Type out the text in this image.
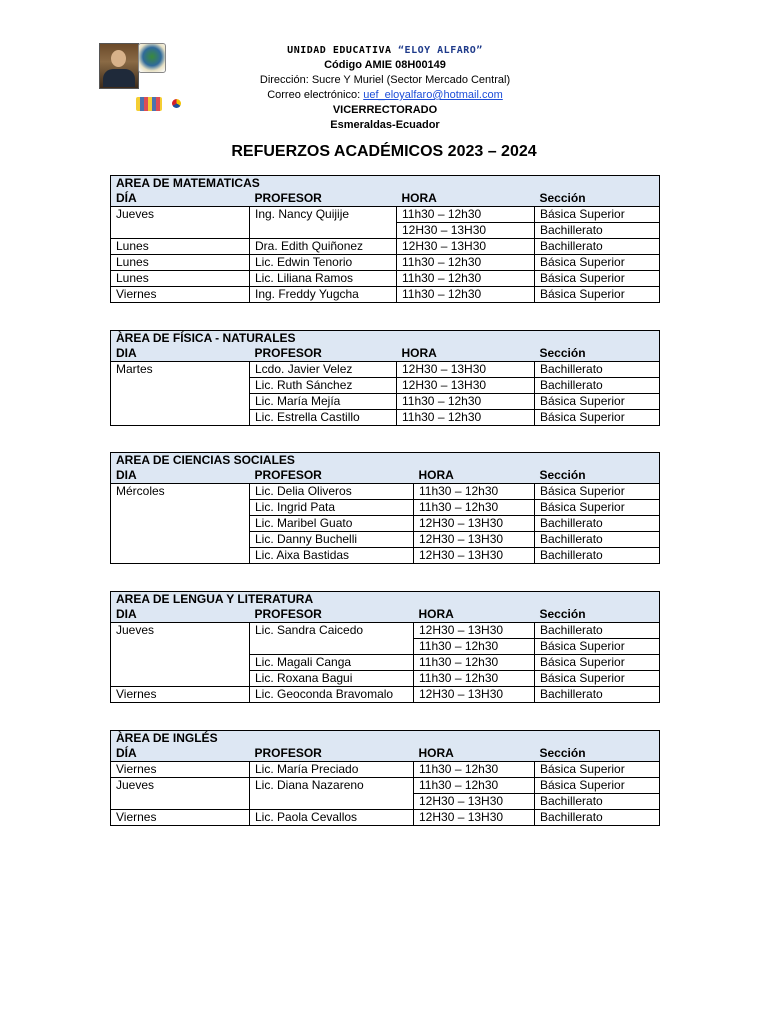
UNIDAD EDUCATIVA “ELOY ALFARO”
Código AMIE 08H00149
Dirección: Sucre Y Muriel (Sector Mercado Central)
Correo electrónico: uef_eloyalfaro@hotmail.com
VICERRECTORADO
Esmeraldas-Ecuador
REFUERZOS ACADÉMICOS 2023 – 2024
AREA DE MATEMATICAS			
DÍA	PROFESOR	HORA	Sección
Jueves	Ing. Nancy Quijije	11h30 – 12h30	Básica Superior
		12H30 – 13H30	Bachillerato
Lunes	Dra. Edith Quiñonez	12H30 – 13H30	Bachillerato
Lunes	Lic. Edwin Tenorio	11h30 – 12h30	Básica Superior
Lunes	Lic. Liliana Ramos	11h30 – 12h30	Básica Superior
Viernes	Ing. Freddy Yugcha	11h30 – 12h30	Básica Superior
ÀREA DE FÍSICA - NATURALES			
DIA	PROFESOR	HORA	Sección
Martes	Lcdo. Javier Velez	12H30 – 13H30	Bachillerato
	Lic. Ruth Sánchez	12H30 – 13H30	Bachillerato
	Lic. María Mejía	11h30 – 12h30	Básica Superior
	Lic. Estrella Castillo	11h30 – 12h30	Básica Superior
AREA DE CIENCIAS SOCIALES			
DIA	PROFESOR	HORA	Sección
Mércoles	Lic. Delia Oliveros	11h30 – 12h30	Básica Superior
	Lic. Ingrid Pata	11h30 – 12h30	Básica Superior
	Lic. Maribel Guato	12H30 – 13H30	Bachillerato
	Lic. Danny Buchelli	12H30 – 13H30	Bachillerato
	Lic. Aixa Bastidas	12H30 – 13H30	Bachillerato
AREA DE LENGUA Y LITERATURA			
DIA	PROFESOR	HORA	Sección
Jueves	Lic. Sandra Caicedo	12H30 – 13H30	Bachillerato
		11h30 – 12h30	Básica Superior
	Lic. Magali Canga	11h30 – 12h30	Básica Superior
	Lic. Roxana Bagui	11h30 – 12h30	Básica Superior
Viernes	Lic. Geoconda Bravomalo	12H30 – 13H30	Bachillerato
ÀREA DE INGLÉS			
DÍA	PROFESOR	HORA	Sección
Viernes	Lic. María Preciado	11h30 – 12h30	Básica Superior
Jueves	Lic. Diana Nazareno	11h30 – 12h30	Básica Superior
		12H30 – 13H30	Bachillerato
Viernes	Lic. Paola Cevallos	12H30 – 13H30	Bachillerato
